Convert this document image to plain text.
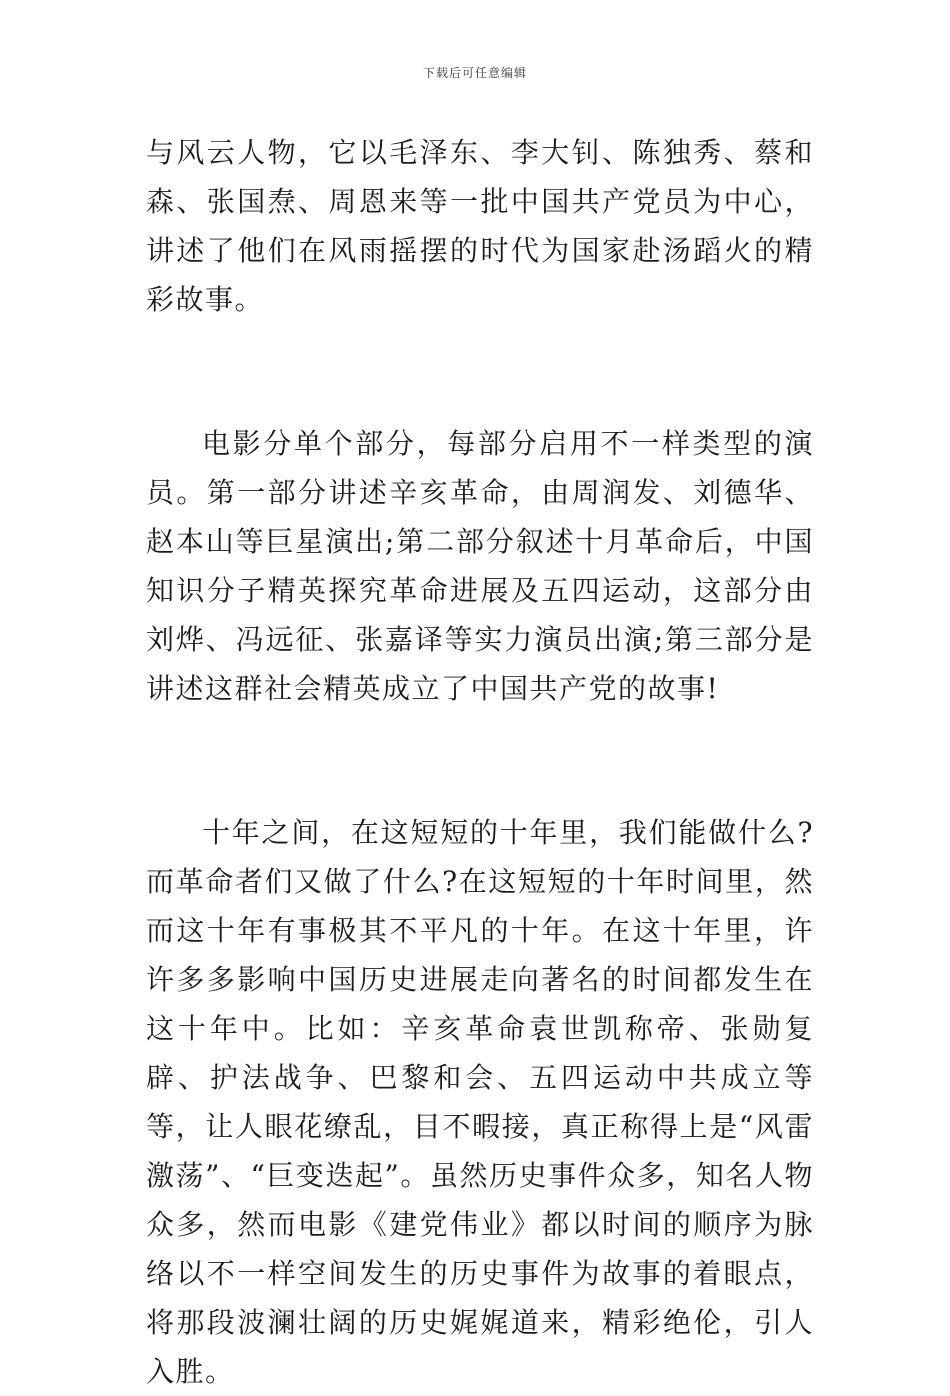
下载后可任意编辑

与风云人物，它以毛泽东、李大钊、陈独秀、蔡和森、张国焘、周恩来等一批中国共产党员为中心，讲述了他们在风雨摇摆的时代为国家赴汤蹈火的精彩故事。

电影分单个部分，每部分启用不一样类型的演员。第一部分讲述辛亥革命，由周润发、刘德华、赵本山等巨星演出;第二部分叙述十月革命后，中国知识分子精英探究革命进展及五四运动，这部分由刘烨、冯远征、张嘉译等实力演员出演;第三部分是讲述这群社会精英成立了中国共产党的故事!

十年之间，在这短短的十年里，我们能做什么?而革命者们又做了什么?在这短短的十年时间里，然而这十年有事极其不平凡的十年。在这十年里，许许多多影响中国历史进展走向著名的时间都发生在这十年中。比如：辛亥革命袁世凯称帝、张勋复辟、护法战争、巴黎和会、五四运动中共成立等等，让人眼花缭乱，目不暇接，真正称得上是“风雷激荡”、“巨变迭起”。虽然历史事件众多，知名人物众多，然而电影《建党伟业》都以时间的顺序为脉络以不一样空间发生的历史事件为故事的着眼点，将那段波澜壮阔的历史娓娓道来，精彩绝伦，引人入胜。
